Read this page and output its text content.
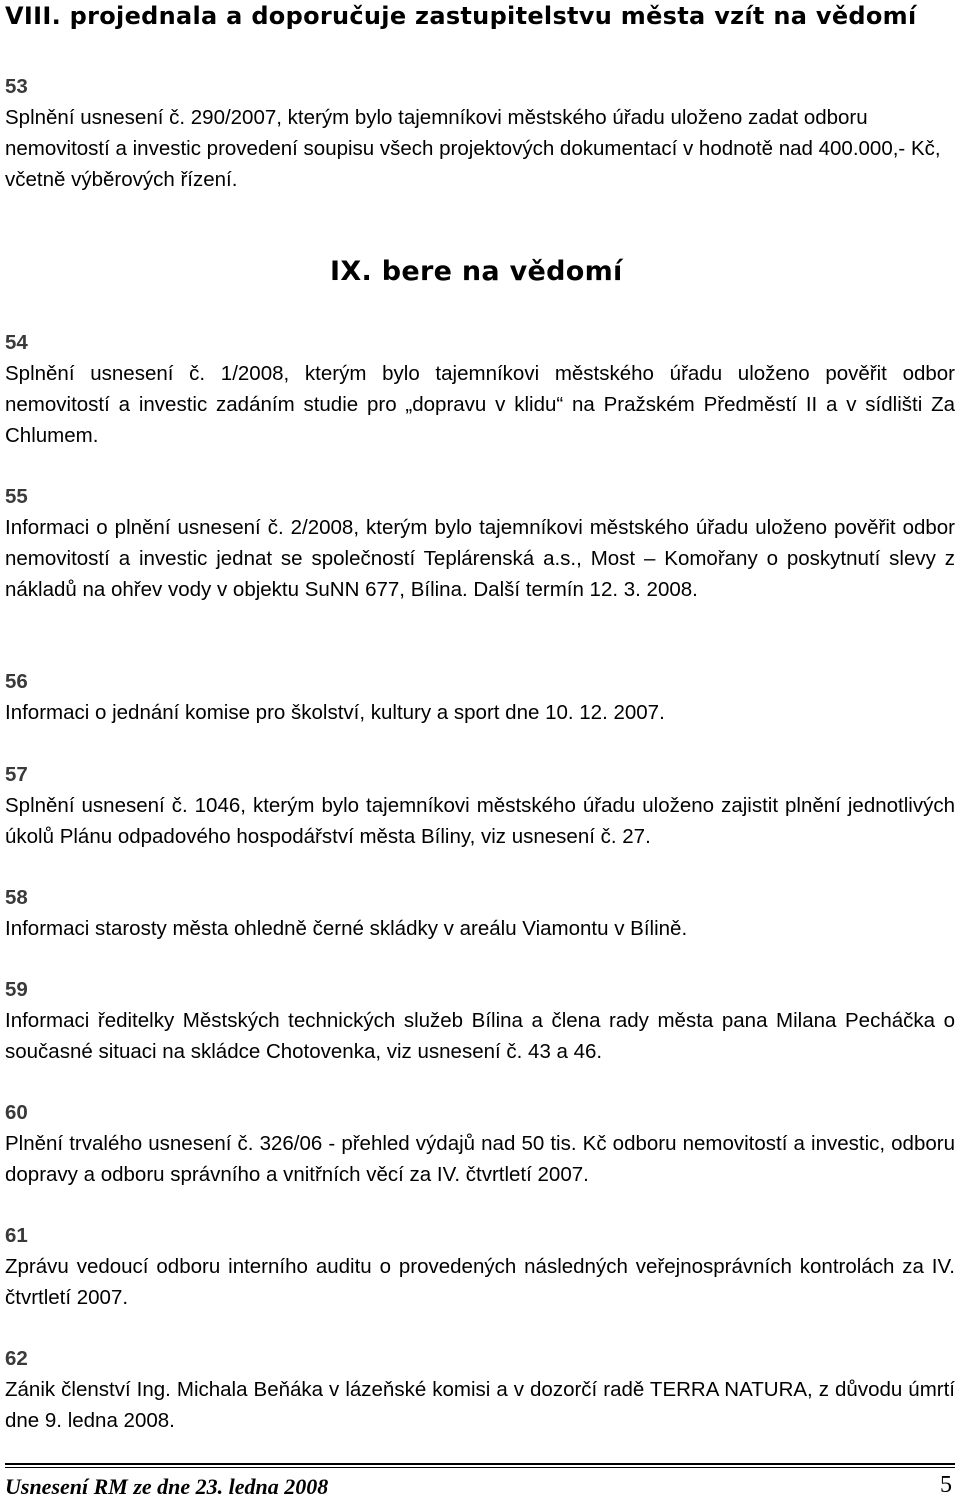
VIII. projednala a doporučuje zastupitelstvu města vzít na vědomí
53
Splnění usnesení č. 290/2007, kterým bylo tajemníkovi městského úřadu uloženo zadat odboru nemovitostí a investic provedení soupisu všech projektových dokumentací v hodnotě nad 400.000,- Kč, včetně výběrových řízení.
IX. bere na vědomí
54
Splnění usnesení č. 1/2008, kterým bylo tajemníkovi městského úřadu uloženo pověřit odbor nemovitostí a investic zadáním studie pro „dopravu v klidu“ na Pražském Předměstí II a v sídlišti Za Chlumem.
55
Informaci o plnění usnesení č. 2/2008, kterým bylo tajemníkovi městského úřadu uloženo pověřit odbor nemovitostí a investic jednat se společností Teplárenská a.s., Most – Komořany o poskytnutí slevy z nákladů na ohřev vody v objektu SuNN 677, Bílina. Další termín 12. 3. 2008.
56
Informaci o jednání komise pro školství, kultury a sport dne 10. 12. 2007.
57
Splnění usnesení č. 1046, kterým bylo tajemníkovi městského úřadu uloženo zajistit plnění jednotlivých úkolů Plánu odpadového hospodářství města Bíliny, viz usnesení č. 27.
58
Informaci starosty města ohledně černé skládky v areálu Viamontu v Bílině.
59
Informaci ředitelky Městských technických služeb Bílina a člena rady města pana Milana Pecháčka o současné situaci na skládce Chotovenka, viz usnesení č. 43 a 46.
60
Plnění trvalého usnesení č. 326/06 - přehled výdajů nad 50 tis. Kč odboru nemovitostí a investic, odboru dopravy a odboru správního a vnitřních věcí za IV. čtvrtletí 2007.
61
Zprávu vedoucí odboru interního auditu o provedených následných veřejnosprávních kontrolách za IV. čtvrtletí 2007.
62
Zánik členství Ing. Michala Beňáka v lázeňské komisi a v dozorčí radě TERRA NATURA, z důvodu úmrtí dne 9. ledna 2008.
Usnesení RM ze dne 23. ledna 2008	5
